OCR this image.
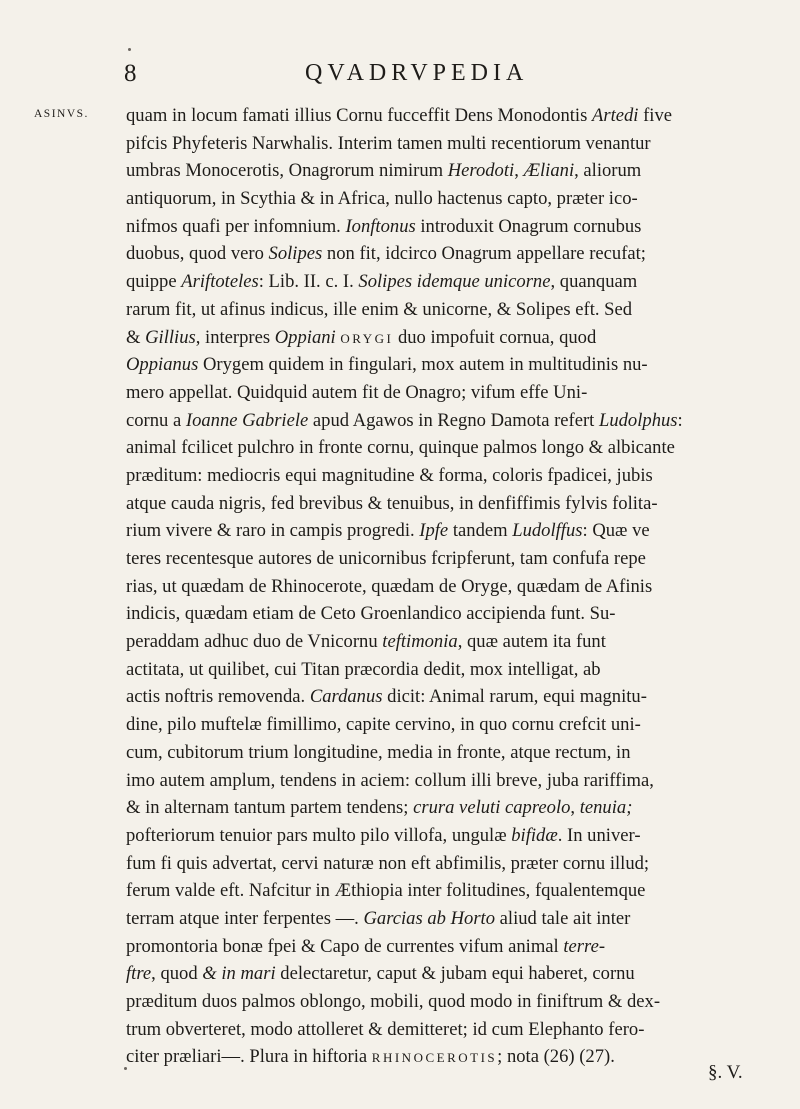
8	QVADRVPEDIA
ASINVS. quam in locum famati illius Cornu fucceffit Dens Monodontis Artedi five
pifcis Phyfeteris Narwhalis. Interim tamen multi recentiorum venantur
umbras Monocerotis, Onagrorum nimirum Herodoti, Æliani, aliorum
antiquorum, in Scythia & in Africa, nullo hactenus capto, præter ico-
nifmos quafi per infomnium. Ionftonus introduxit Onagrum cornubus
duobus, quod vero Solipes non fit, idcirco Onagrum appellare recufat;
quippe Ariftoteles: Lib. II. c. I. Solipes idemque unicorne, quanquam
rarum fit, ut afinus indicus, ille enim & unicorne, & Solipes eft. Sed
& Gillius, interpres Oppiani ORYGI duo impofuit cornua, quod
Oppianus Orygem quidem in fingulari, mox autem in multitudinis nu-
mero appellat. Quidquid autem fit de Onagro; vifum effe Uni-
cornu a Ioanne Gabriele apud Agawos in Regno Damota refert Ludolphus:
animal fcilicet pulchro in fronte cornu, quinque palmos longo & albicante
præditum: mediocris equi magnitudine & forma, coloris fpadicei, jubis
atque cauda nigris, fed brevibus & tenuibus, in denfiffimis fylvis folita-
rium vivere & raro in campis progredi. Ipfe tandem Ludolffus: Quæ ve
teres recentesque autores de unicornibus fcripferunt, tam confufa repe
rias, ut quædam de Rhinocerote, quædam de Oryge, quædam de Afinis
indicis, quædam etiam de Ceto Groenlandico accipienda funt. Su-
peraddam adhuc duo de Vnicornu teftimonia, quæ autem ita funt
actitata, ut quilibet, cui Titan præcordia dedit, mox intelligat, ab
actis noftris removenda. Cardanus dicit: Animal rarum, equi magnitu-
dine, pilo muftelæ fimillimo, capite cervino, in quo cornu crefcit uni-
cum, cubitorum trium longitudine, media in fronte, atque rectum, in
imo autem amplum, tendens in aciem: collum illi breve, juba rariffima,
& in alternam tantum partem tendens; crura veluti capreolo, tenuia;
pofteriorum tenuior pars multo pilo villofa, ungulæ bifidæ. In univer-
fum fi quis advertat, cervi naturæ non eft abfimilis, præter cornu illud;
ferum valde eft. Nafcitur in Æthiopia inter folitudines, fqualentemque
terram atque inter ferpentes —. Garcias ab Horto aliud tale ait inter
promontoria bonæ fpei & Capo de currentes vifum animal terre-
ftre, quod & in mari delectaretur, caput & jubam equi haberet, cornu
præditum duos palmos oblongo, mobili, quod modo in finiftrum & dex-
trum obverteret, modo attolleret & demitteret; id cum Elephanto fero-
citer præliari—. Plura in hiftoria RHINOCEROTIS; nota (26) (27).
§. V.
